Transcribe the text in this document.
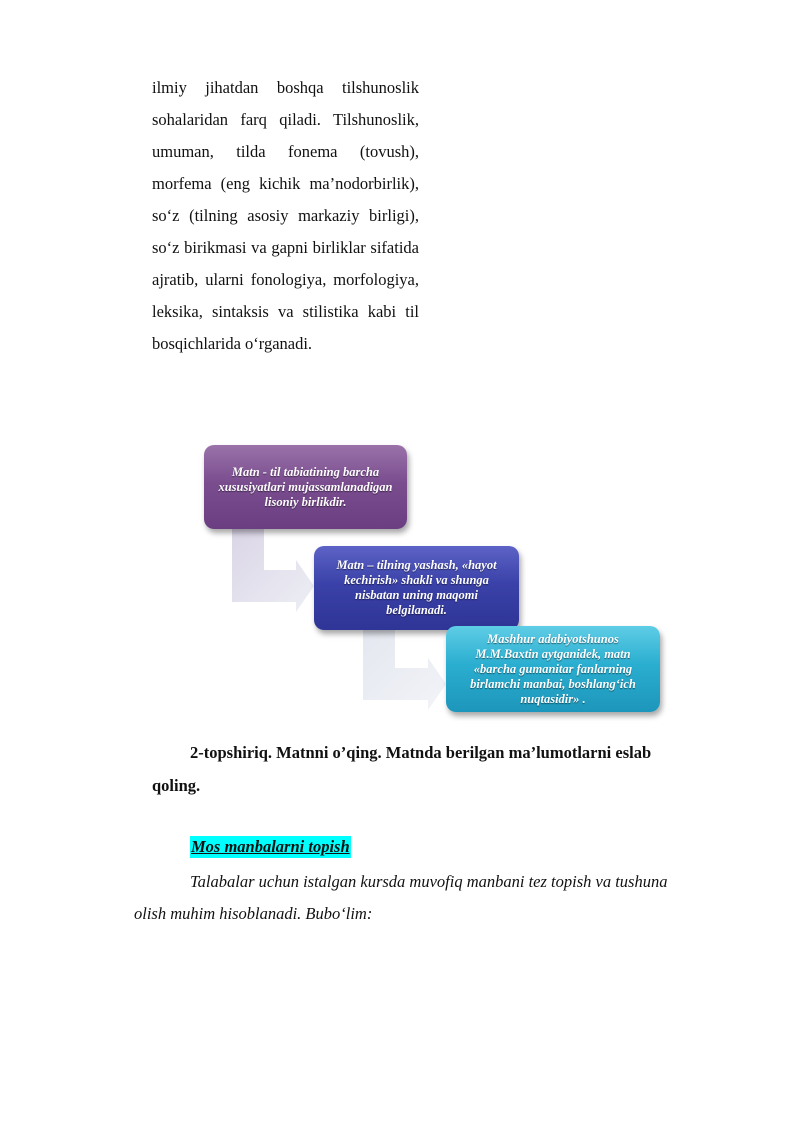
ilmiy jihatdan boshqa tilshunoslik sohalaridan farq qiladi. Tilshunoslik, umuman, tilda fonema (tovush), morfema (eng kichik ma’nodorbirlik), so‘z (tilning asosiy markaziy birligi), so‘z birikmasi va gapni birliklar sifatida ajratib, ularni fonologiya, morfologiya, leksika, sintaksis va stilistika kabi til bosqichlarida o‘rganadi.

Matn - til tabiatining barcha xususiyatlari mujassamlanadigan lisoniy birlikdir.
Matn – tilning yashash, «hayot kechirish» shakli va shunga nisbatan uning maqomi belgilanadi.
Mashhur adabiyotshunos M.M.Baxtin aytganidek, matn «barcha gumanitar fanlarning birlamchi manbai, boshlang‘ich nuqtasidir» .
2-topshiriq. Matnni o’qing. Matnda berilgan ma’lumotlarni eslab
qoling.
Mos manbalarni topish
Talabalar uchun istalgan kursda muvofiq manbani tez topish va tushuna
olish muhim hisoblanadi. Bubo‘lim:
